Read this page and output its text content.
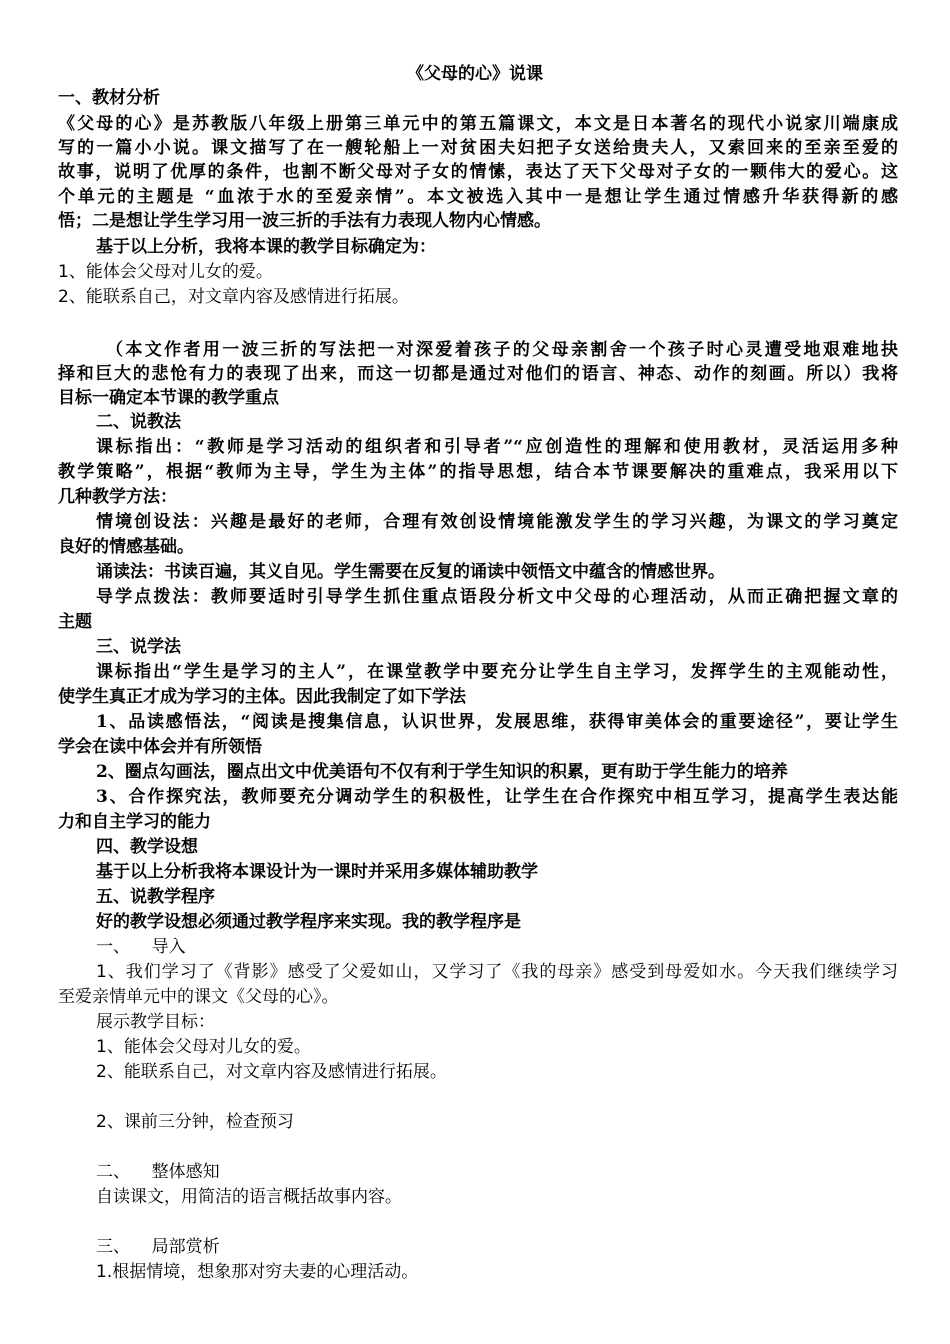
《父母的心》说课
一、教材分析
《父母的心》是苏教版八年级上册第三单元中的第五篇课文，本文是日本著名的现代小说家川端康成
写的一篇小小说。课文描写了在一艘轮船上一对贫困夫妇把子女送给贵夫人，又索回来的至亲至爱的
故事，说明了优厚的条件，也割不断父母对子女的情愫，表达了天下父母对子女的一颗伟大的爱心。这
个单元的主题是 “血浓于水的至爱亲情”。本文被选入其中一是想让学生通过情感升华获得新的感
悟；二是想让学生学习用一波三折的手法有力表现人物内心情感。
基于以上分析，我将本课的教学目标确定为：
1、能体会父母对儿女的爱。
2、能联系自己，对文章内容及感情进行拓展。
（本文作者用一波三折的写法把一对深爱着孩子的父母亲割舍一个孩子时心灵遭受地艰难地抉
择和巨大的悲怆有力的表现了出来，而这一切都是通过对他们的语言、神态、动作的刻画。所以）我将
目标一确定本节课的教学重点
二、说教法
课标指出：“教师是学习活动的组织者和引导者”“应创造性的理解和使用教材，灵活运用多种
教学策略”，根据“教师为主导，学生为主体”的指导思想，结合本节课要解决的重难点，我采用以下
几种教学方法：
情境创设法：兴趣是最好的老师，合理有效创设情境能激发学生的学习兴趣，为课文的学习奠定
良好的情感基础。
诵读法：书读百遍，其义自见。学生需要在反复的诵读中领悟文中蕴含的情感世界。
导学点拨法：教师要适时引导学生抓住重点语段分析文中父母的心理活动，从而正确把握文章的
主题
三、说学法
课标指出“学生是学习的主人”，在课堂教学中要充分让学生自主学习，发挥学生的主观能动性，
使学生真正才成为学习的主体。因此我制定了如下学法
1、品读感悟法，“阅读是搜集信息，认识世界，发展思维，获得审美体会的重要途径”，要让学生
学会在读中体会并有所领悟
2、圈点勾画法，圈点出文中优美语句不仅有利于学生知识的积累，更有助于学生能力的培养
3、合作探究法，教师要充分调动学生的积极性，让学生在合作探究中相互学习，提高学生表达能
力和自主学习的能力
四、教学设想
基于以上分析我将本课设计为一课时并采用多媒体辅助教学
五、说教学程序
好的教学设想必须通过教学程序来实现。我的教学程序是
一、    导入
1、我们学习了《背影》感受了父爱如山，又学习了《我的母亲》感受到母爱如水。今天我们继续学习
至爱亲情单元中的课文《父母的心》。
展示教学目标：
1、能体会父母对儿女的爱。
2、能联系自己，对文章内容及感情进行拓展。
2、课前三分钟，检查预习
二、    整体感知
自读课文，用简洁的语言概括故事内容。
三、    局部赏析
1.根据情境，想象那对穷夫妻的心理活动。
